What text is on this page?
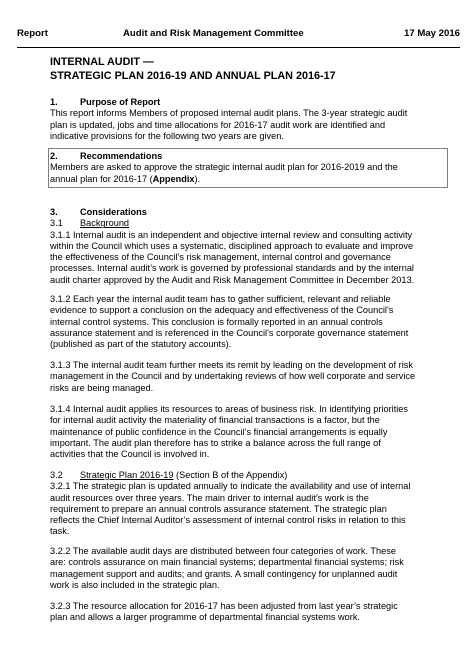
Report	Audit and Risk Management Committee	17 May 2016
INTERNAL AUDIT —
STRATEGIC PLAN 2016-19 AND ANNUAL PLAN 2016-17
1. Purpose of Report
This report informs Members of proposed internal audit plans. The 3-year strategic audit
plan is updated, jobs and time allocations for 2016-17 audit work are identified and
indicative provisions for the following two years are given.
2. Recommendations
Members are asked to approve the strategic internal audit plan for 2016-2019 and the
annual plan for 2016-17 (Appendix).
3. Considerations
3.1 Background
3.1.1 Internal audit is an independent and objective internal review and consulting activity
within the Council which uses a systematic, disciplined approach to evaluate and improve
the effectiveness of the Council’s risk management, internal control and governance
processes. Internal audit’s work is governed by professional standards and by the internal
audit charter approved by the Audit and Risk Management Committee in December 2013.
3.1.2 Each year the internal audit team has to gather sufficient, relevant and reliable
evidence to support a conclusion on the adequacy and effectiveness of the Council’s
internal control systems. This conclusion is formally reported in an annual controls
assurance statement and is referenced in the Council’s corporate governance statement
(published as part of the statutory accounts).
3.1.3 The internal audit team further meets its remit by leading on the development of risk
management in the Council and by undertaking reviews of how well corporate and service
risks are being managed.
3.1.4 Internal audit applies its resources to areas of business risk. In identifying priorities
for internal audit activity the materiality of financial transactions is a factor, but the
maintenance of public confidence in the Council’s financial arrangements is equally
important. The audit plan therefore has to strike a balance across the full range of
activities that the Council is involved in.
3.2 Strategic Plan 2016-19 (Section B of the Appendix)
3.2.1 The strategic plan is updated annually to indicate the availability and use of internal
audit resources over three years. The main driver to internal audit’s work is the
requirement to prepare an annual controls assurance statement. The strategic plan
reflects the Chief Internal Auditor’s assessment of internal control risks in relation to this
task.
3.2.2 The available audit days are distributed between four categories of work. These
are: controls assurance on main financial systems; departmental financial systems; risk
management support and audits; and grants. A small contingency for unplanned audit
work is also included in the strategic plan.
3.2.3 The resource allocation for 2016-17 has been adjusted from last year’s strategic
plan and allows a larger programme of departmental financial systems work.
